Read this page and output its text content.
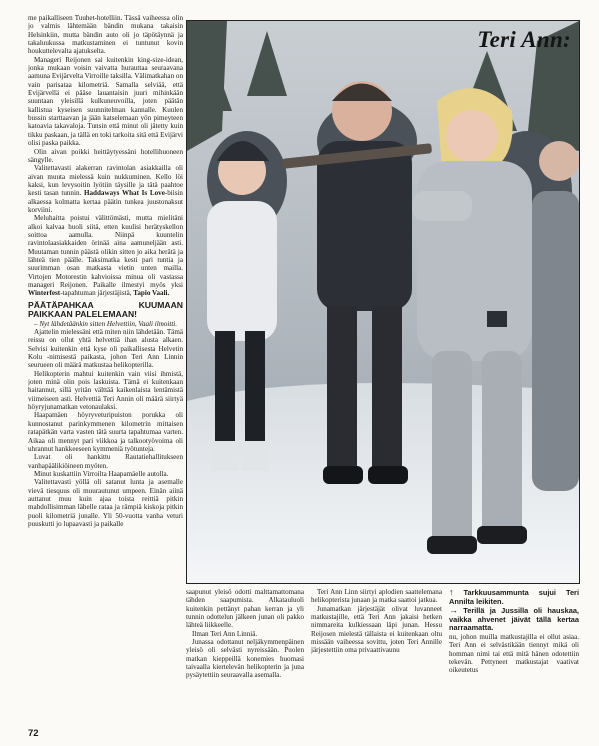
me paikalliseen Tuuhet-hotelliin. Tässä vaiheessa olin jo valmis lähtemään bändin mukana takaisin Helsinkiin, mutta bändin auto oli jo täpötäynnä ja takaluukussa matkustaminen ei tuntunut kovin houkuttelevalta ajatukselta.

Manageri Reijonen sai kuitenkin king-size-idean, jonka mukaan voisin vaivatta hurauttaa seuraavana aamuna Evijärvelta Virroille taksilla. Välimatkahan on vain parisataa kilometriä. Samalla selviää, että Evijärvellä ei pääse lauantaisin juuri mihinkään suuntaan yleisillä kulkuneuvoilla, joten päätän kallistua kyseisen suunnitelman kannalle. Kuulen bussin starttaavan ja jään katselemaan yön pimeyteen katoavia takavaloja. Tunsin että minut oli jätetty kuin tikku paskaan, ja tällä en toki tarkoita sitä että Evijärvi olisi paska paikka.

Olin aivan poikki heittäytyessäni hotellihuoneen sängylle.

Valitettavasti alakerran ravintolan asiakkailla oli aivan muuta mielessä kuin nukkuminen. Kello löi kaksi, kun levysoitin lyötiin täysille ja tätä paahtoe kesti tasan tunnin. Haddaways What Is Love-biisin alkaessa kolmatta kertaa päätin tunkea juustonaksut korviini.

Meluhaitta poistui välittömästi, mutta mielitäni alkoi kalvaa huoli siitä, etten kuulisi herätyskellon soittoa aamulla. Niinpä kuuntelin ravintolaasiakkaiden örinää aina aamuneljään asti. Muutaman tunnin päästä olikin sitten jo aika herätä ja lähteä tien päälle. Taksimatka kesti pari tuntia ja suurimman osan matkasta vietin unten mailla. Virtojen Motorestin kahvioissa minua oli vastassa manageri Reijonen. Paikalle ilmestyi myös yksi Winterfest-tapahtuman järjestäjistä, Tapio Vaali.

PÄÄTÄPAHKAA KUUMAAN PAIKKAAN PALELEMAAN!

– Nyt lähdetäänkin sitten Helvettiin, Vaali ilmoitti.

Ajattelin mielessäni että miten niin lähdetään. Tämä reissu on ollut yhtä helvettiä ihan alusta alkaen. Selvisi kuitenkin että kyse oli paikallisesta Helvetin Kolu -nimisestä paikasta, johon Teri Ann Linnin seurueen oli määrä matkustaa helikopterilla.

Helikopterin mahtui kuitenkin vain viisi ihmistä, joten minä olin pois laskuista. Tämä ei kuitenkaan haitannut, sillä yritän välttää kaikenlaista lentämistä viimeiseen asti. Helvettiä Teri Annin oli määrä siirtyä höyryjunamatkan vetonaulaksi.

Haapamäen höyryveturipuiston porukka oli kunnostanut parinkymmenen kilometrin mittaisen ratapätkän varta vasten tätä suurta tapahtumaa varten. Aikaa oli mennyt pari viikkoa ja talkootyövoima oli uhrannut hankkeeseen kymmeniä työtunteja.

Luvat oli hankittu Rautatiehallitukseen vanhapäälikiöineen myöten.

Minut kuskattiin Virroilta Haapamäelle autolla.

Valitettavasti yöllä oli satanut lunta ja asemalle vievä tiesquus oli muurautunut umpeen. Einän aiinä auttanut muu kuin ajaa toista reittiä pitkin mahdollisimman lähelle rataa ja rämpiä kiskoja pitkin puoli kilometriä junalle. Yli 50-vuotta vanha veturi puuskutti jo lupaavasti ja paikalle

Teri Ann:

saapunut yleisö odotti malttamattomana tähden saapumista. Alkatauluoli kuitenkin pettänyt pahan kerran ja yli tunnin odottelun jälkeen junan oli pakko lähteä liikkeelle.

Ilman Teri Ann Linniä.

Junassa odottanut neljäkymmenpäinen yleisö oli selvästi nyreissään. Puolen matkan kieppeillä konemies huomasi taivaalla kiertelevän helikopterin ja juna pysäytettiin seuraavalla asemalla.

Teri Ann Linn siirtyi aplodien saattelemana helikopterista junaan ja matka saattoi jatkua.

Junamatkan järjestäjät olivat luvanneet matkustajille, että Teri Ann jakaisi hetken nimmareita kulkiessaan läpi junan. Hessu Reijosen mielestä tällaista ei kuitenkaan oltu missään vaiheessa sovittu, joten Teri Annille järjestettiin oma privaattivaunu

↑ Tarkkuusammunta sujui Teri Annilta leikiten.
→ Terillä ja Jussilla oli hauskaa, vaikka ahvenet jäivät tällä kertaa narraamatta.

nu, johon muilla matkustajilla ei ollut asiaa. Teri Ann ei selvästikään tiennyt mikä oli homman nimi tai että mitä hänen odotettiin tekevän. Pettyneet matkustajat vaativat oikeutetus

72
